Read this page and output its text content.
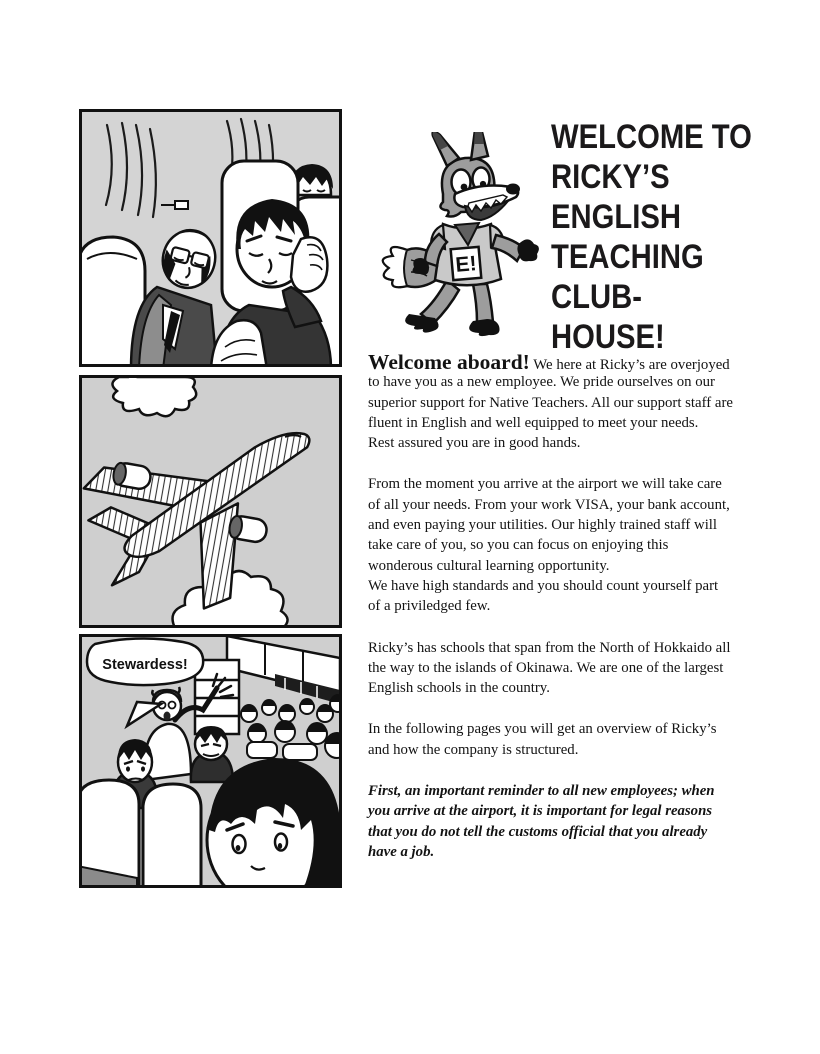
Stewardess!
E!
WELCOME TO
RICKY’S
ENGLISH
TEACHING
CLUB-
HOUSE!
Welcome aboard! We here at Ricky’s are overjoyed
to have you as a new employee. We pride ourselves on our
superior support for Native Teachers. All our support staff are
fluent in English and well equipped to meet your needs.
Rest assured you are in good hands.
From the moment you arrive at the airport we will take care
of all your needs. From your work VISA, your bank account,
and even paying your utilities. Our highly trained staff will
take care of you, so you can focus on enjoying this
wonderous cultural learning opportunity.
We have high standards and you should count yourself part
of a priviledged few.
Ricky’s has schools that span from the North of Hokkaido all
the way to the islands of Okinawa. We are one of the largest
English schools in the country.
In the following pages you will get an overview of Ricky’s
and how the company is structured.
First, an important reminder to all new employees; when
you arrive at the airport, it is important for legal reasons
that you do not tell the customs official that you already
have a job.
